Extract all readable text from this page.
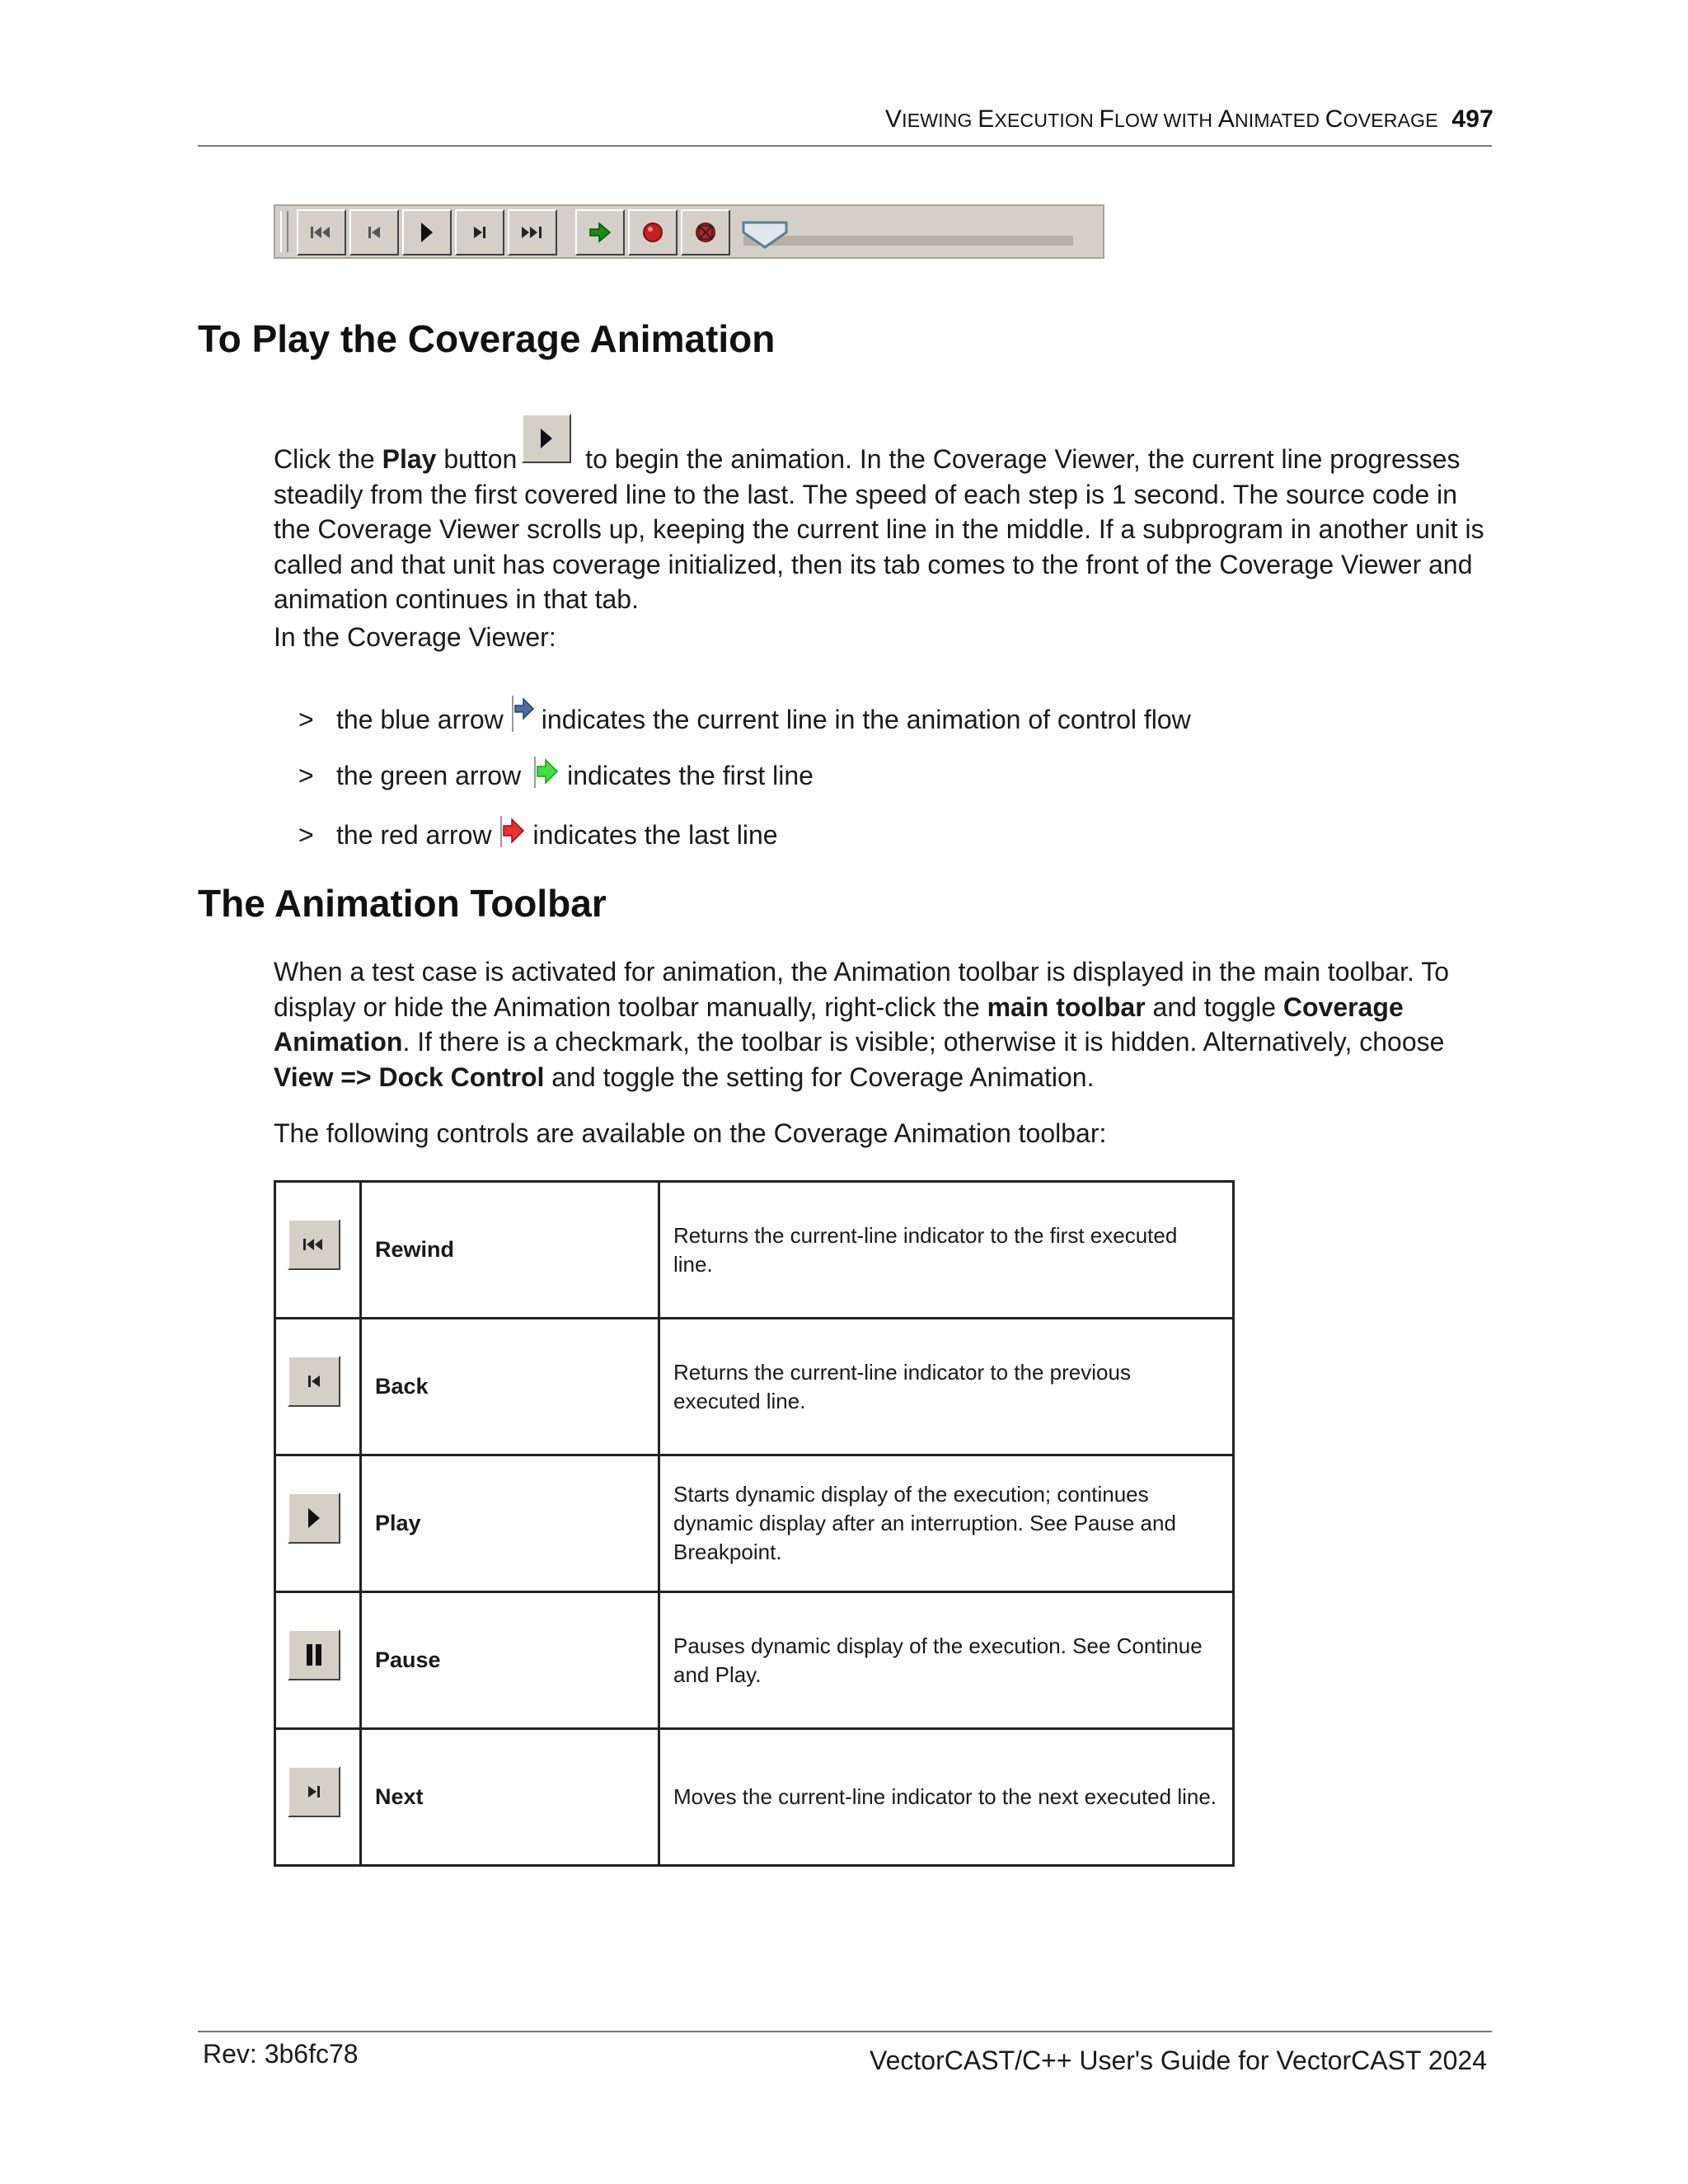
VIEWING EXECUTION FLOW WITH ANIMATED COVERAGE 497
To Play the Coverage Animation

Click the Play button
to begin the animation. In the Coverage Viewer, the current line progresses steadily from the first covered line to the last. The speed of each step is 1 second. The source code in the Coverage Viewer scrolls up, keeping the current line in the middle. If a subprogram in another unit is called and that unit has coverage initialized, then its tab comes to the front of the Coverage Viewer and animation continues in that tab.

In the Coverage Viewer:

> the blue arrow indicates the current line in the animation of control flow
> the green arrow indicates the first line
> the red arrow indicates the last line
The Animation Toolbar

When a test case is activated for animation, the Animation toolbar is displayed in the main toolbar. To display or hide the Animation toolbar manually, right-click the main toolbar and toggle Coverage Animation. If there is a checkmark, the toolbar is visible; otherwise it is hidden. Alternatively, choose View => Dock Control and toggle the setting for Coverage Animation.

The following controls are available on the Coverage Animation toolbar:

	Rewind	Returns the current-line indicator to the first executed line.

	Back	Returns the current-line indicator to the previous executed line.

	Play	Starts dynamic display of the execution; continues dynamic display after an interruption. See Pause and Breakpoint.

	Pause	Pauses dynamic display of the execution. See Continue and Play.

	Next	Moves the current-line indicator to the next executed line.
Rev: 3b6fc78	VectorCAST/C++ User's Guide for VectorCAST 2024
